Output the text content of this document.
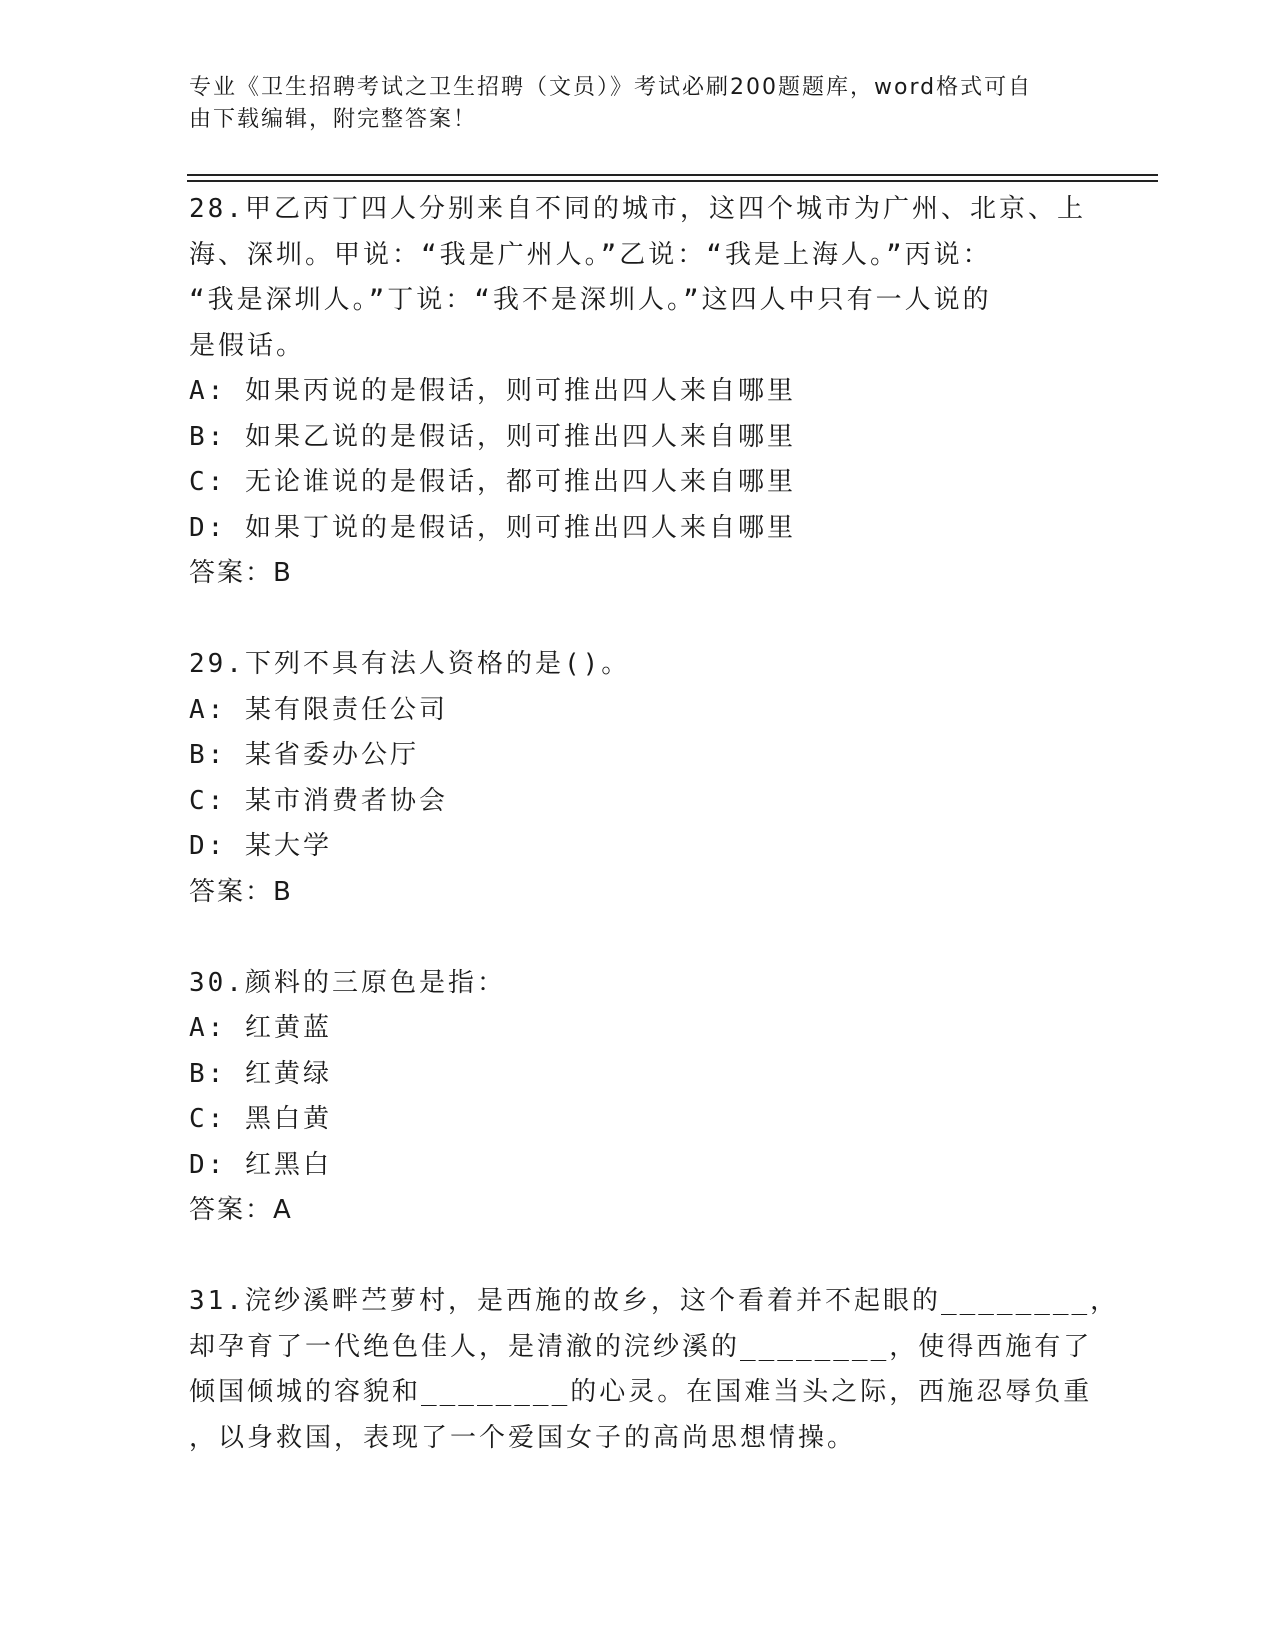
专业《卫生招聘考试之卫生招聘（文员）》考试必刷200题题库，word格式可自
由下载编辑，附完整答案！
28.甲乙丙丁四人分别来自不同的城市，这四个城市为广州、北京、上
海、深圳。甲说：“我是广州人。”乙说：“我是上海人。”丙说：
“我是深圳人。”丁说：“我不是深圳人。”这四人中只有一人说的
是假话。
A: 如果丙说的是假话，则可推出四人来自哪里
B: 如果乙说的是假话，则可推出四人来自哪里
C: 无论谁说的是假话，都可推出四人来自哪里
D: 如果丁说的是假话，则可推出四人来自哪里
答案：B
29.下列不具有法人资格的是()。
A: 某有限责任公司
B: 某省委办公厅
C: 某市消费者协会
D: 某大学
答案：B
30.颜料的三原色是指：
A: 红黄蓝
B: 红黄绿
C: 黑白黄
D: 红黑白
答案：A
31.浣纱溪畔苎萝村，是西施的故乡，这个看着并不起眼的________，
却孕育了一代绝色佳人，是清澈的浣纱溪的________，使得西施有了
倾国倾城的容貌和________的心灵。在国难当头之际，西施忍辱负重
，以身救国，表现了一个爱国女子的高尚思想情操。
